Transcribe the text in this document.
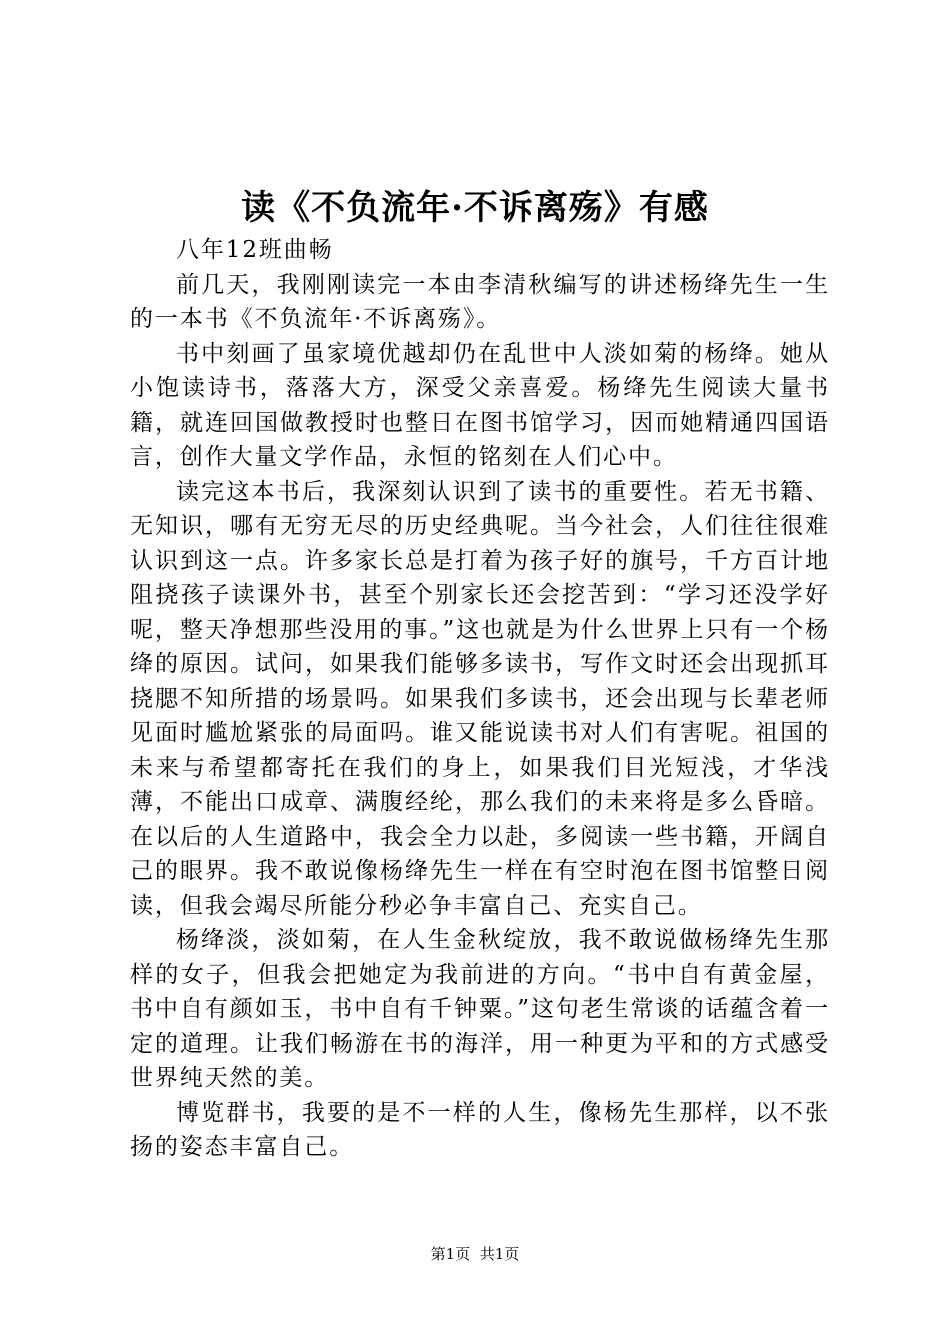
读《不负流年·不诉离殇》有感

八年12班曲畅

前几天，我刚刚读完一本由李清秋编写的讲述杨绛先生一生的一本书《不负流年·不诉离殇》。

书中刻画了虽家境优越却仍在乱世中人淡如菊的杨绛。她从小饱读诗书，落落大方，深受父亲喜爱。杨绛先生阅读大量书籍，就连回国做教授时也整日在图书馆学习，因而她精通四国语言，创作大量文学作品，永恒的铭刻在人们心中。

读完这本书后，我深刻认识到了读书的重要性。若无书籍、无知识，哪有无穷无尽的历史经典呢。当今社会，人们往往很难认识到这一点。许多家长总是打着为孩子好的旗号，千方百计地阻挠孩子读课外书，甚至个别家长还会挖苦到：“学习还没学好呢，整天净想那些没用的事。”这也就是为什么世界上只有一个杨绛的原因。试问，如果我们能够多读书，写作文时还会出现抓耳挠腮不知所措的场景吗。如果我们多读书，还会出现与长辈老师见面时尴尬紧张的局面吗。谁又能说读书对人们有害呢。祖国的未来与希望都寄托在我们的身上，如果我们目光短浅，才华浅薄，不能出口成章、满腹经纶，那么我们的未来将是多么昏暗。在以后的人生道路中，我会全力以赴，多阅读一些书籍，开阔自己的眼界。我不敢说像杨绛先生一样在有空时泡在图书馆整日阅读，但我会竭尽所能分秒必争丰富自己、充实自己。

杨绛淡，淡如菊，在人生金秋绽放，我不敢说做杨绛先生那样的女子，但我会把她定为我前进的方向。“书中自有黄金屋，书中自有颜如玉，书中自有千钟粟。”这句老生常谈的话蕴含着一定的道理。让我们畅游在书的海洋，用一种更为平和的方式感受世界纯天然的美。

博览群书，我要的是不一样的人生，像杨先生那样，以不张扬的姿态丰富自己。

第1页 共1页
